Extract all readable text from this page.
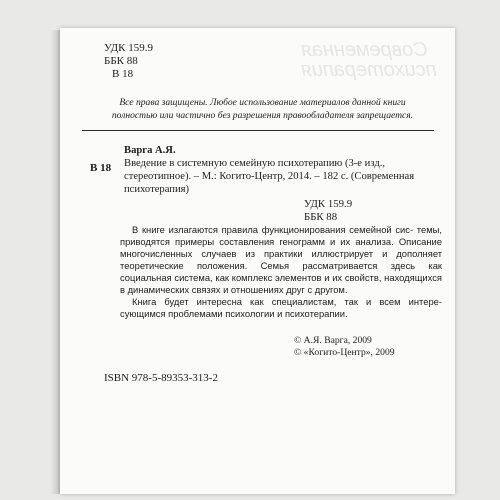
Современная
психотерапия
УДК 159.9
ББК 88
В 18
Все права защищены. Любое использование материалов данной книги
полностью или частично без разрешения правообладателя запрещается.
В 18
Варга А.Я.
Введение в системную семейную психотерапию (3-е изд.,
стереотипное). – М.: Когито-Центр, 2014. – 182 с. (Современная
психотерапия)
УДК 159.9
ББК 88

В книге излагаются правила функционирования семейной сис- темы, приводятся примеры составления генограмм и их анализа. Описание многочисленных случаев из практики иллюстрирует и дополняет теоретические положения. Семья рассматривается здесь как социальная система, как комплекс элементов и их свойств, находящихся в динамических связях и отношениях друг с другом.

Книга будет интересна как специалистам, так и всем интере- сующимся проблемами психологии и психотерапии.

© А.Я. Варга, 2009
© «Когито-Центр», 2009
ISBN 978-5-89353-313-2
